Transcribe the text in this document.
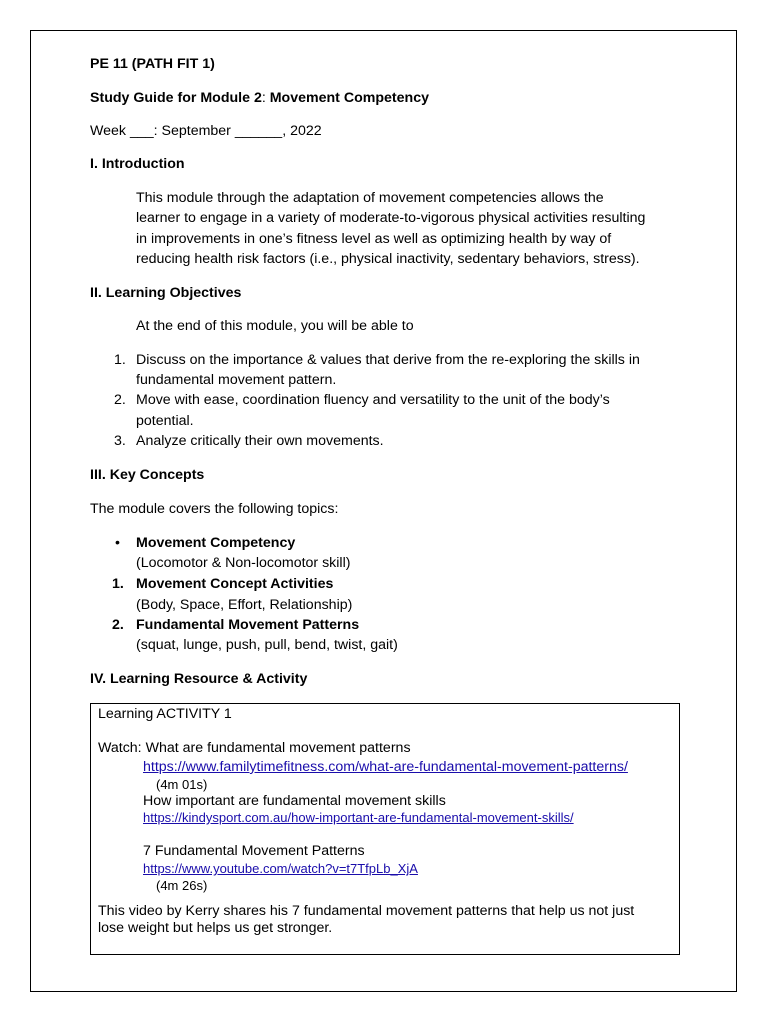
PE 11 (PATH FIT 1)
Study Guide for Module 2: Movement Competency
Week ___: September ______, 2022
I. Introduction
This module through the adaptation of movement competencies allows the
learner to engage in a variety of moderate-to-vigorous physical activities resulting
in improvements in one’s fitness level as well as optimizing health by way of
reducing health risk factors (i.e., physical inactivity, sedentary behaviors, stress).
II. Learning Objectives
At the end of this module, you will be able to
1. Discuss on the importance & values that derive from the re-exploring the skills in
fundamental movement pattern.
2. Move with ease, coordination fluency and versatility to the unit of the body’s
potential.
3. Analyze critically their own movements.
III. Key Concepts
The module covers the following topics:
• Movement Competency
(Locomotor & Non-locomotor skill)
1. Movement Concept Activities
(Body, Space, Effort, Relationship)
2. Fundamental Movement Patterns
(squat, lunge, push, pull, bend, twist, gait)
IV. Learning Resource & Activity
Learning ACTIVITY 1
Watch: What are fundamental movement patterns
https://www.familytimefitness.com/what-are-fundamental-movement-patterns/
(4m 01s)
How important are fundamental movement skills
https://kindysport.com.au/how-important-are-fundamental-movement-skills/
7 Fundamental Movement Patterns
https://www.youtube.com/watch?v=t7TfpLb_XjA
(4m 26s)
This video by Kerry shares his 7 fundamental movement patterns that help us not just
lose weight but helps us get stronger.
